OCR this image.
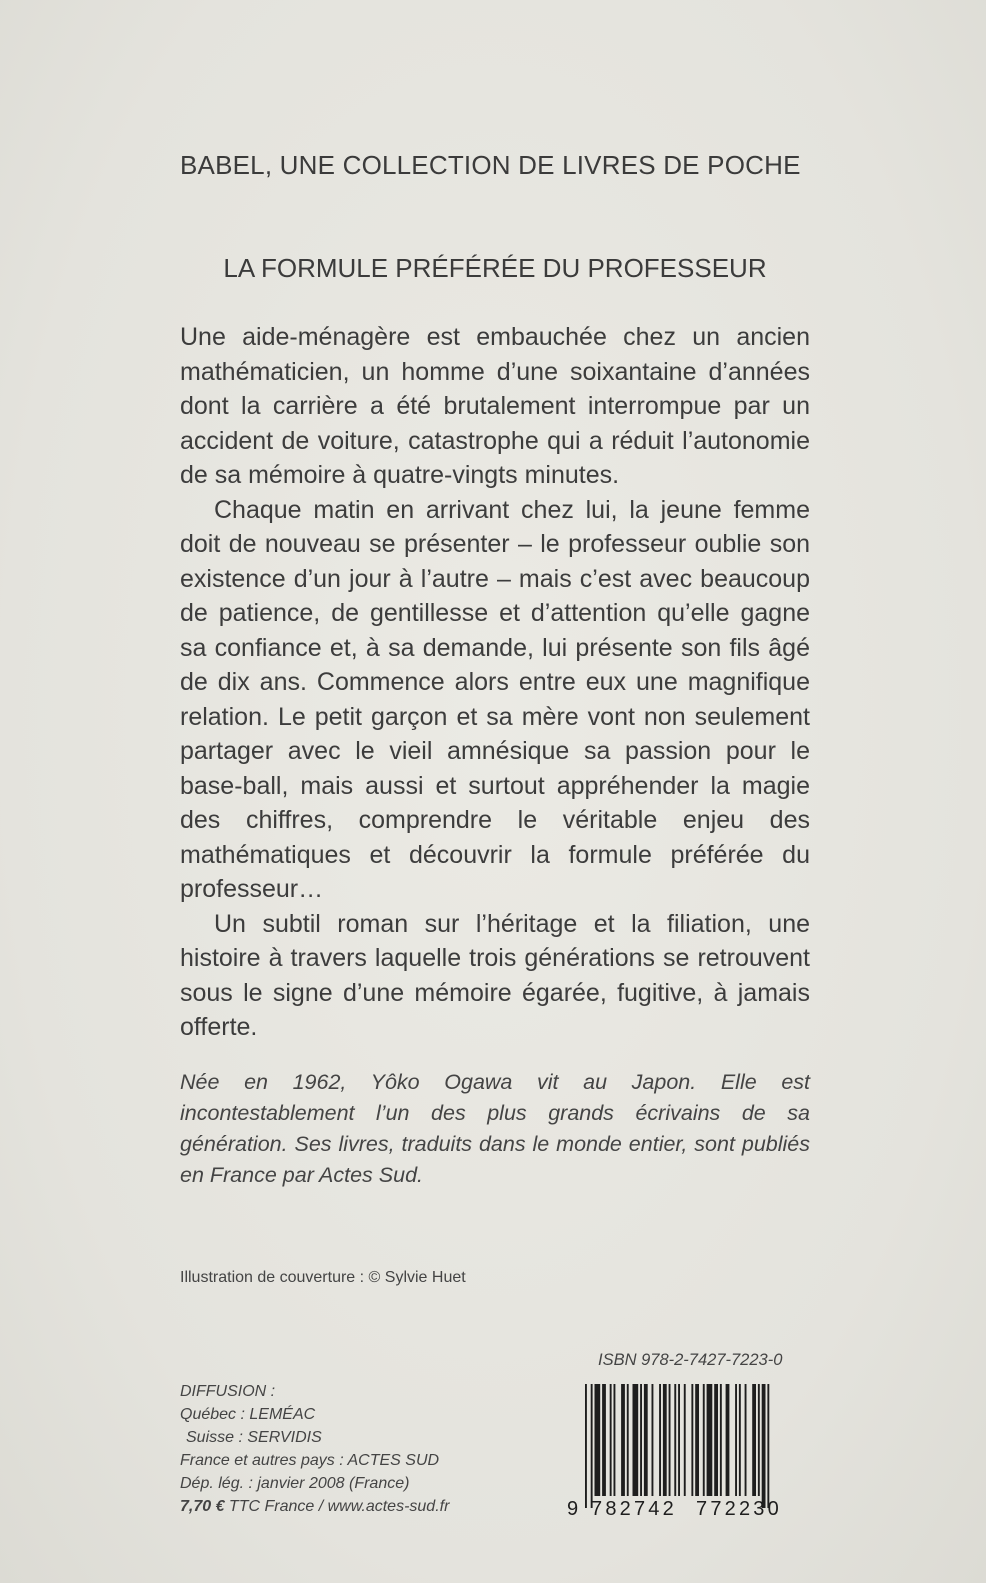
BABEL, UNE COLLECTION DE LIVRES DE POCHE
LA FORMULE PRÉFÉRÉE DU PROFESSEUR

Une aide-ménagère est embauchée chez un ancien mathématicien, un homme d’une soixantaine d’années dont la carrière a été brutalement interrompue par un accident de voiture, catastrophe qui a réduit l’autonomie de sa mémoire à quatre-vingts minutes.

Chaque matin en arrivant chez lui, la jeune femme doit de nouveau se présenter – le professeur oublie son existence d’un jour à l’autre – mais c’est avec beaucoup de patience, de gentillesse et d’attention qu’elle gagne sa confiance et, à sa demande, lui présente son fils âgé de dix ans. Commence alors entre eux une magnifique relation. Le petit garçon et sa mère vont non seulement partager avec le vieil amnésique sa passion pour le base-ball, mais aussi et surtout appréhender la magie des chiffres, comprendre le véritable enjeu des mathématiques et découvrir la formule préférée du professeur…

Un subtil roman sur l’héritage et la filiation, une histoire à travers laquelle trois générations se retrouvent sous le signe d’une mémoire égarée, fugitive, à jamais offerte.

Née en 1962, Yôko Ogawa vit au Japon. Elle est incontestablement l’un des plus grands écrivains de sa génération. Ses livres, traduits dans le monde entier, sont publiés en France par Actes Sud.
Illustration de couverture : © Sylvie Huet
ISBN 978-2-7427-7223-0
DIFFUSION :
Québec : LEMÉAC
Suisse : SERVIDIS
France et autres pays : ACTES SUD
Dép. lég. : janvier 2008 (France)
7,70 € TTC France / www.actes-sud.fr	9 782742 772230
